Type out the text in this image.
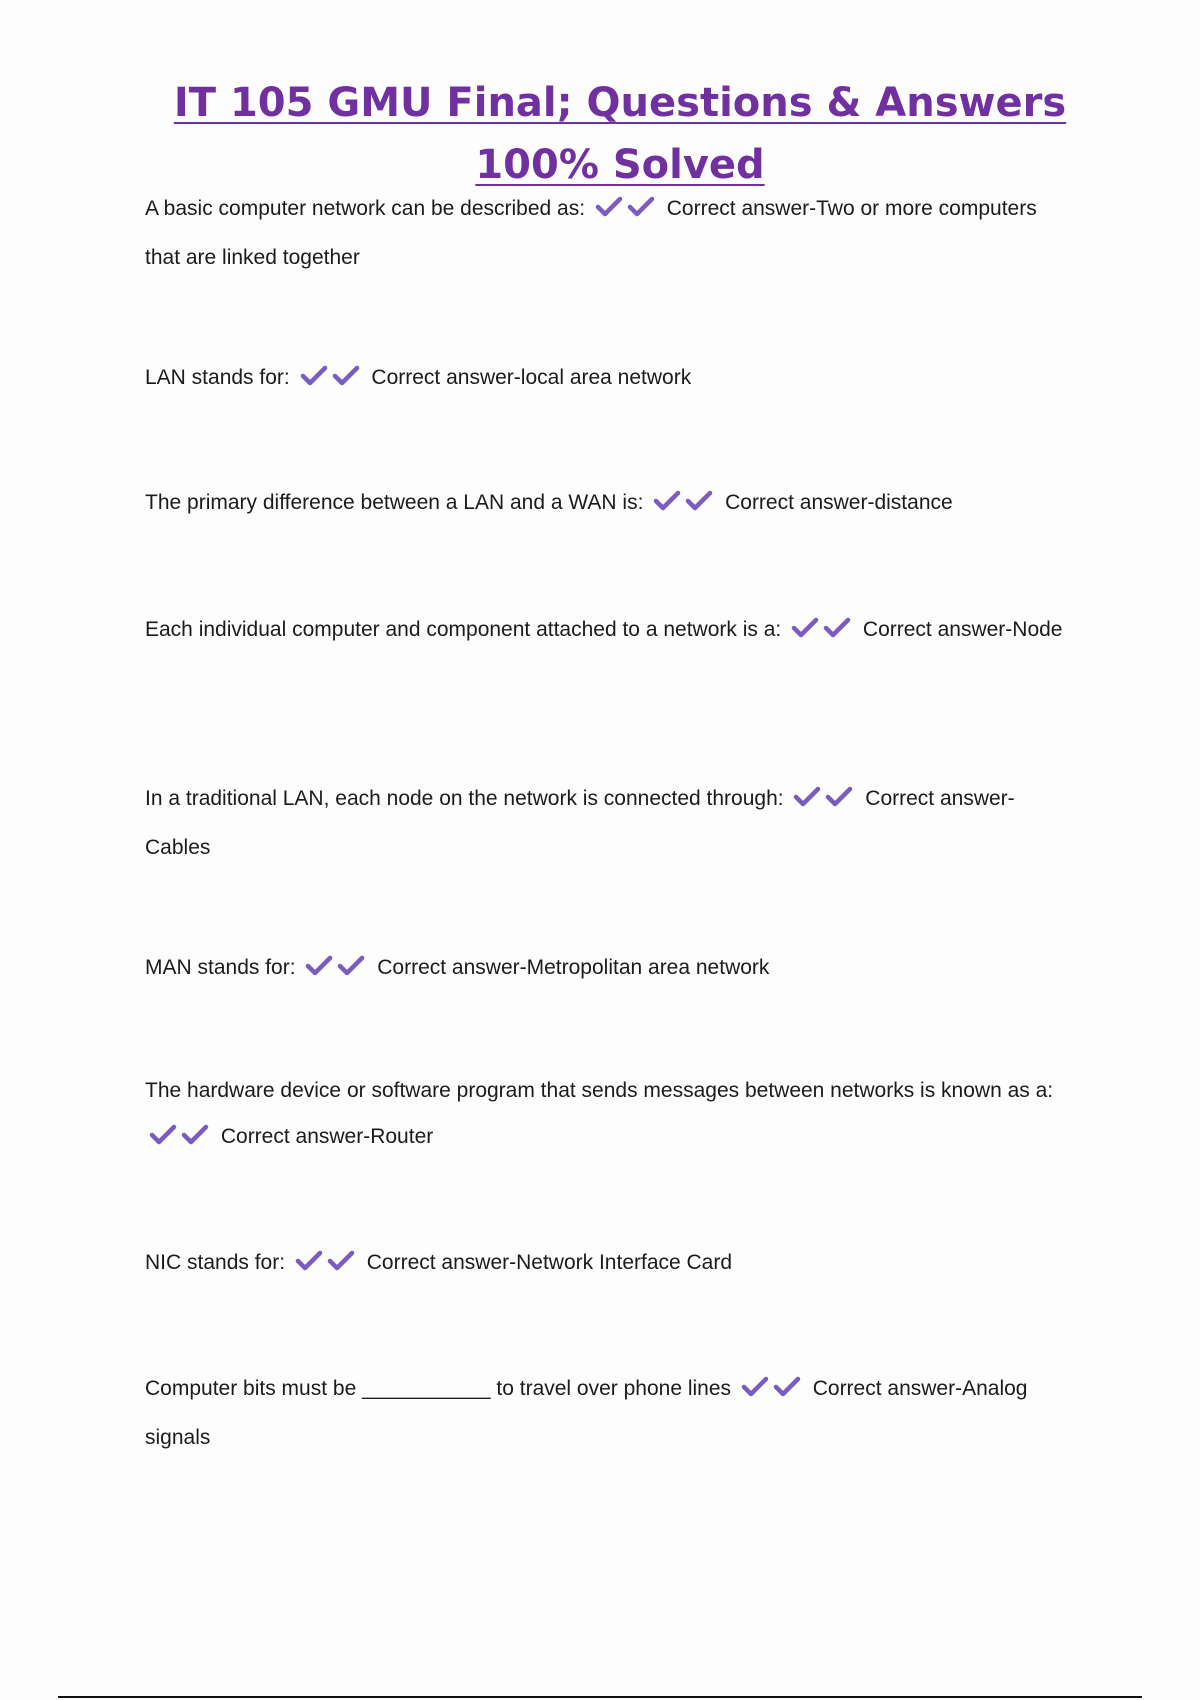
IT 105 GMU Final; Questions & Answers 100% Solved
A basic computer network can be described as:	Correct answer-Two or more computers that are linked together
LAN stands for:	Correct answer-local area network
The primary difference between a LAN and a WAN is:	Correct answer-distance
Each individual computer and component attached to a network is a:	Correct answer-Node
In a traditional LAN, each node on the network is connected through:	Correct answer-Cables
MAN stands for:	Correct answer-Metropolitan area network
The hardware device or software program that sends messages between networks is known as a:  Correct answer-Router
NIC stands for:	Correct answer-Network Interface Card
Computer bits must be ___________ to travel over phone lines	Correct answer-Analog signals
